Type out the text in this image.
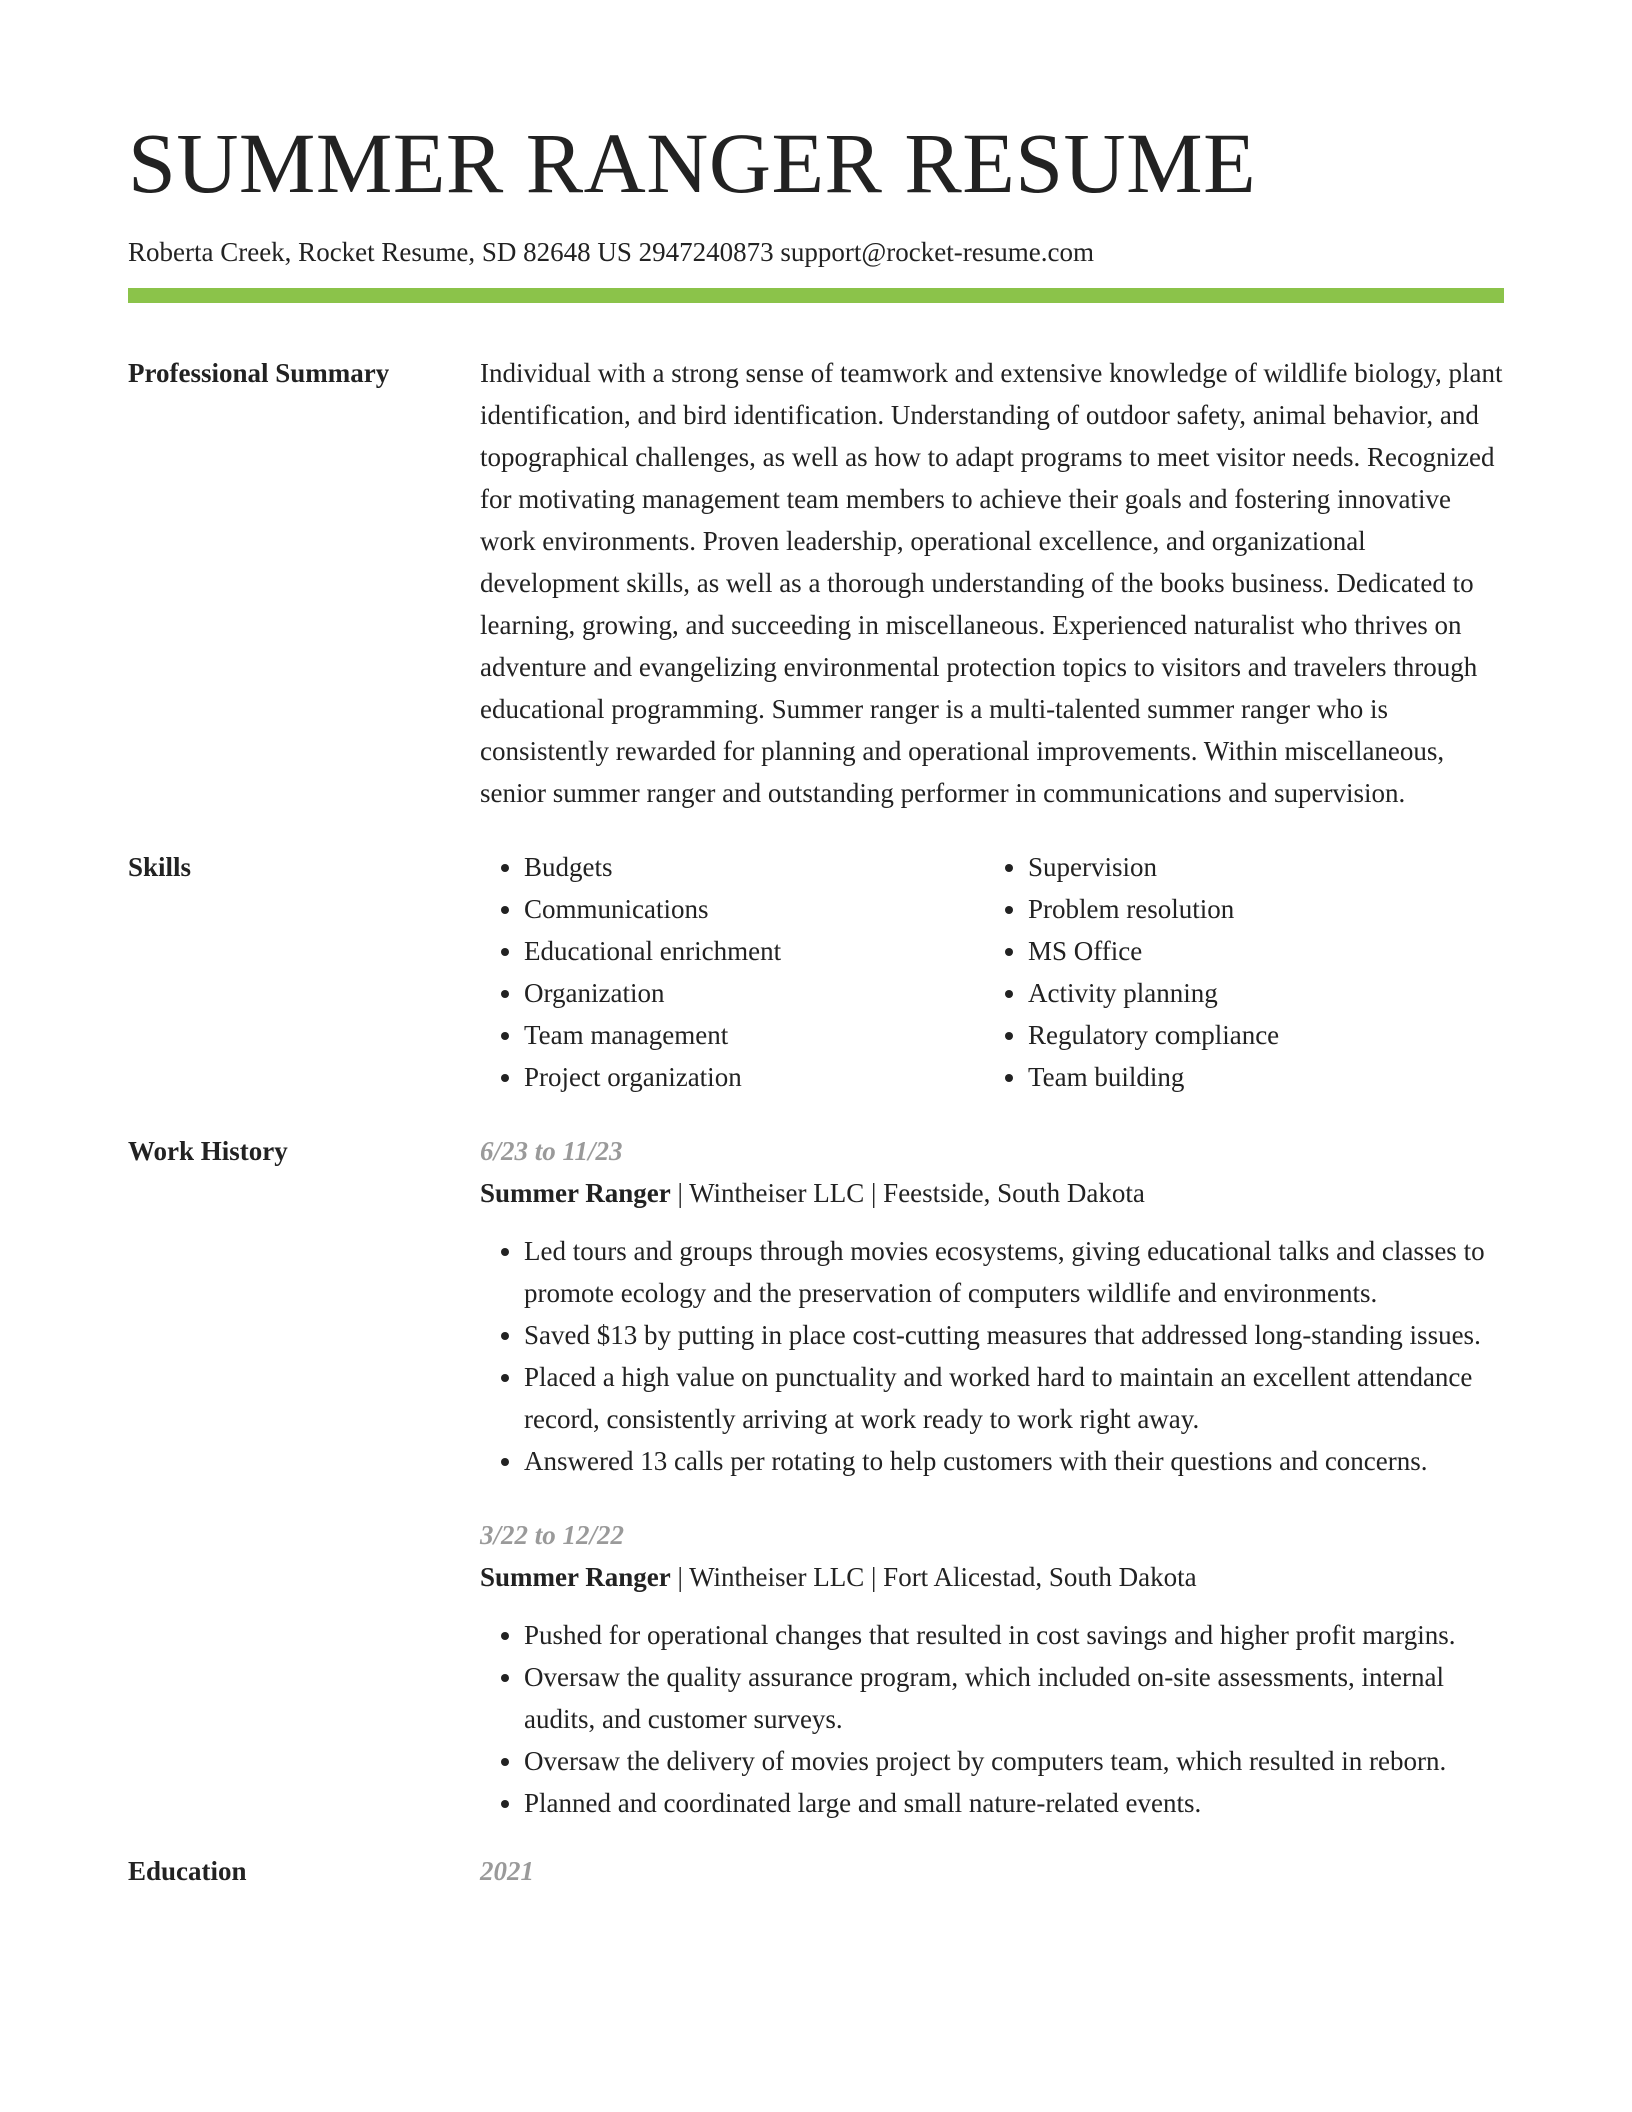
SUMMER RANGER RESUME
Roberta Creek, Rocket Resume, SD 82648 US 2947240873 support@rocket-resume.com
Professional Summary	Individual with a strong sense of teamwork and extensive knowledge of wildlife biology, plant identification, and bird identification. Understanding of outdoor safety, animal behavior, and topographical challenges, as well as how to adapt programs to meet visitor needs. Recognized for motivating management team members to achieve their goals and fostering innovative work environments. Proven leadership, operational excellence, and organizational development skills, as well as a thorough understanding of the books business. Dedicated to learning, growing, and succeeding in miscellaneous. Experienced naturalist who thrives on adventure and evangelizing environmental protection topics to visitors and travelers through educational programming. Summer ranger is a multi-talented summer ranger who is consistently rewarded for planning and operational improvements. Within miscellaneous, senior summer ranger and outstanding performer in communications and supervision.
Skills
•	Budgets
• Communications
• Educational enrichment
• Organization
• Team management
• Project organization
• Supervision
• Problem resolution
• MS Office
• Activity planning
• Regulatory compliance
• Team building
Work History	6/23 to 11/23
Summer Ranger | Wintheiser LLC | Feestside, South Dakota
• Led tours and groups through movies ecosystems, giving educational talks and classes to promote ecology and the preservation of computers wildlife and environments.
• Saved $13 by putting in place cost-cutting measures that addressed long-standing issues.
• Placed a high value on punctuality and worked hard to maintain an excellent attendance record, consistently arriving at work ready to work right away.
• Answered 13 calls per rotating to help customers with their questions and concerns.
3/22 to 12/22
Summer Ranger | Wintheiser LLC | Fort Alicestad, South Dakota
• Pushed for operational changes that resulted in cost savings and higher profit margins.
• Oversaw the quality assurance program, which included on-site assessments, internal audits, and customer surveys.
• Oversaw the delivery of movies project by computers team, which resulted in reborn.
• Planned and coordinated large and small nature-related events.
Education	2021
